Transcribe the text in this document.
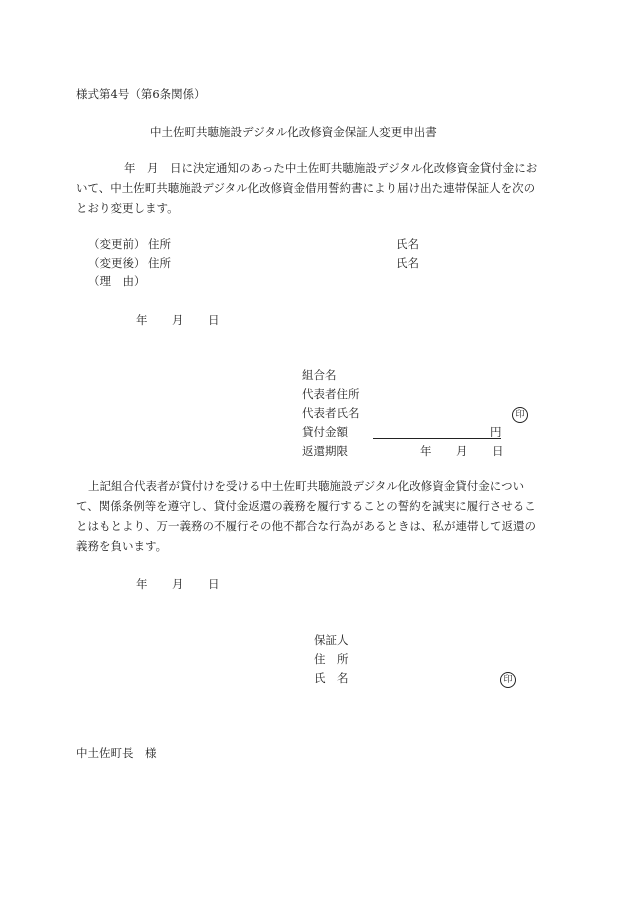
様式第4号（第6条関係）
中土佐町共聴施設デジタル化改修資金保証人変更申出書
年　月　日に決定通知のあった中土佐町共聴施設デジタル化改修資金貸付金にお
いて、中土佐町共聴施設デジタル化改修資金借用誓約書により届け出た連帯保証人を次の
とおり変更します。
（変更前） 住所	氏名
（変更後） 住所	氏名
（理　由）
年 月 日
組合名
代表者住所
代表者氏名	印
貸付金額	円
返還期限	年 月 日
上記組合代表者が貸付けを受ける中土佐町共聴施設デジタル化改修資金貸付金につい
て、関係条例等を遵守し、貸付金返還の義務を履行することの誓約を誠実に履行させるこ
とはもとより、万一義務の不履行その他不都合な行為があるときは、私が連帯して返還の
義務を負います。
年 月 日
保証人
住　所
氏　名	印
中土佐町長　様
